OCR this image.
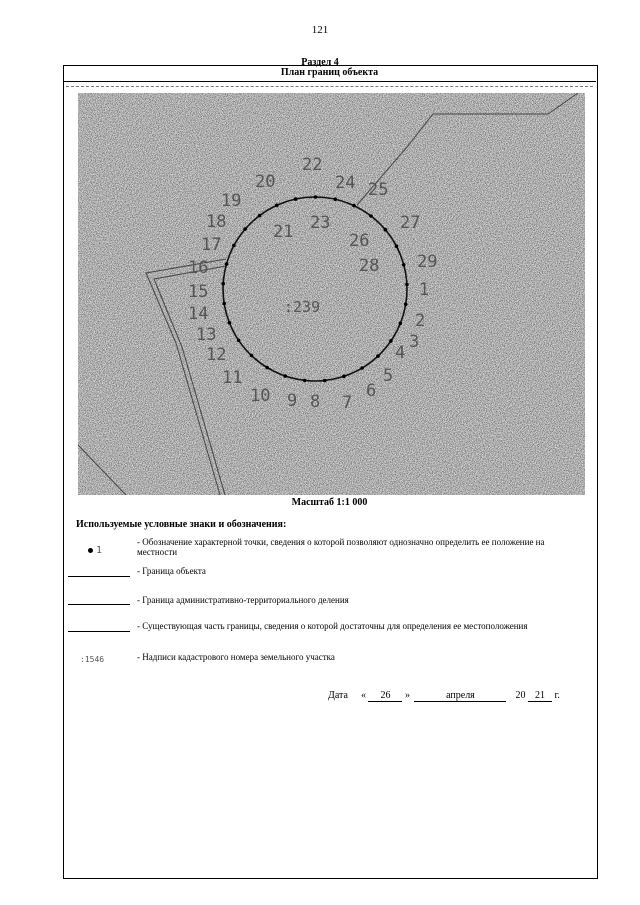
121
Раздел 4
План границ объекта
1
2
3
4
5
6
7
8
9
10
11
12
13
14
15
16
17
18
19
20
21
22
23
24 25
26
27
28 29
:239
Масштаб 1:1 000
Используемые условные знаки и обозначения:
1
- Обозначение характерной точки, сведения о которой позволяют однозначно определить ее положение на местности
- Граница объекта
- Граница административно-территориального деления
- Существующая часть границы, сведения о которой достаточны для определения ее местоположения
:1546	- Надписи кадастрового номера земельного участка
Дата « 26 »	апреля	20 21 г.
